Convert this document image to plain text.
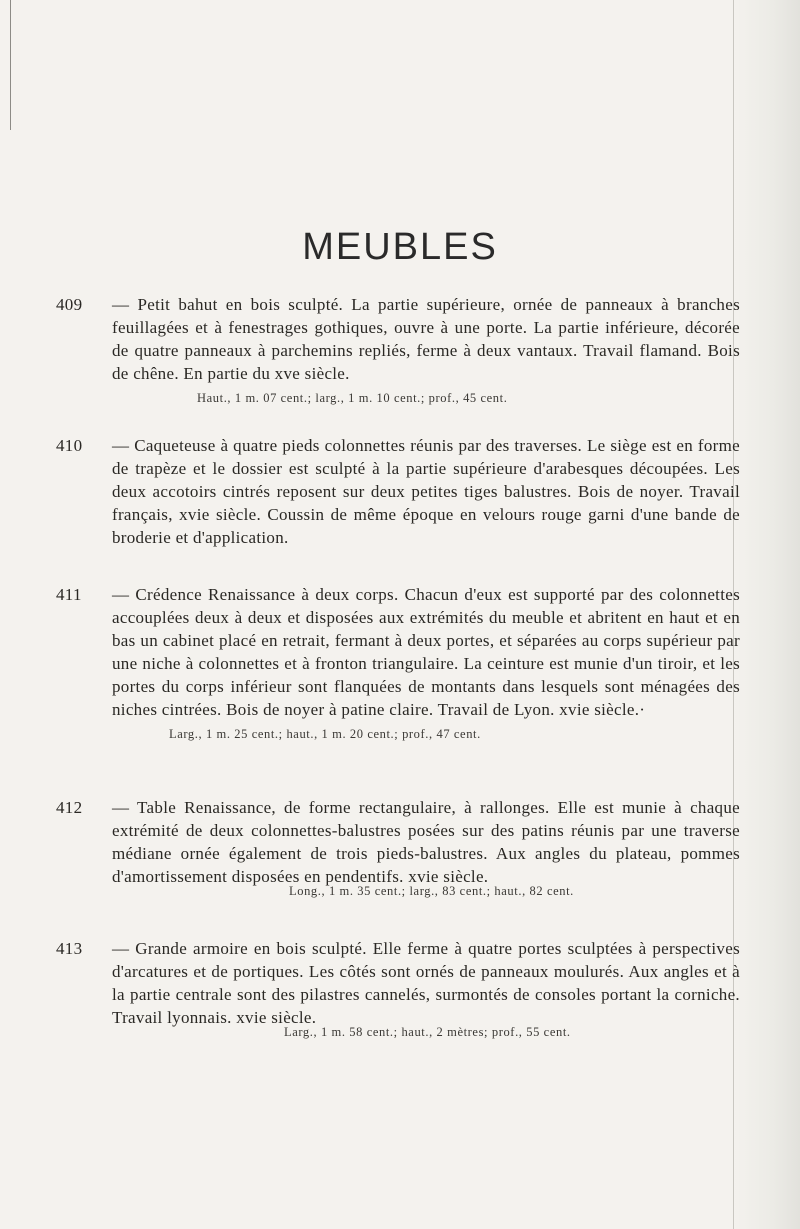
MEUBLES
409 — Petit bahut en bois sculpté. La partie supérieure, ornée de panneaux à branches feuillagées et à fenestrages gothiques, ouvre à une porte. La partie inférieure, décorée de quatre panneaux à parchemins repliés, ferme à deux vantaux. Travail flamand. Bois de chêne. En partie du xve siècle.
Haut., 1 m. 07 cent.; larg., 1 m. 10 cent.; prof., 45 cent.
410 — Caqueteuse à quatre pieds colonnettes réunis par des traverses. Le siège est en forme de trapèze et le dossier est sculpté à la partie supérieure d'arabesques découpées. Les deux accotoirs cintrés reposent sur deux petites tiges balustres. Bois de noyer. Travail français, xvie siècle. Coussin de même époque en velours rouge garni d'une bande de broderie et d'application.
411 — Crédence Renaissance à deux corps. Chacun d'eux est supporté par des colonnettes accouplées deux à deux et disposées aux extrémités du meuble et abritent en haut et en bas un cabinet placé en retrait, fermant à deux portes, et séparées au corps supérieur par une niche à colonnettes et à fronton triangulaire. La ceinture est munie d'un tiroir, et les portes du corps inférieur sont flanquées de montants dans lesquels sont ménagées des niches cintrées. Bois de noyer à patine claire. Travail de Lyon. xvie siècle.·
Larg., 1 m. 25 cent.; haut., 1 m. 20 cent.; prof., 47 cent.
412 — Table Renaissance, de forme rectangulaire, à rallonges. Elle est munie à chaque extrémité de deux colonnettes-balustres posées sur des patins réunis par une traverse médiane ornée également de trois pieds-balustres. Aux angles du plateau, pommes d'amortissement disposées en pendentifs. xvie siècle.
Long., 1 m. 35 cent.; larg., 83 cent.; haut., 82 cent.
413 — Grande armoire en bois sculpté. Elle ferme à quatre portes sculptées à perspectives d'arcatures et de portiques. Les côtés sont ornés de panneaux moulurés. Aux angles et à la partie centrale sont des pilastres cannelés, surmontés de consoles portant la corniche. Travail lyonnais. xvie siècle.
Larg., 1 m. 58 cent.; haut., 2 mètres; prof., 55 cent.
